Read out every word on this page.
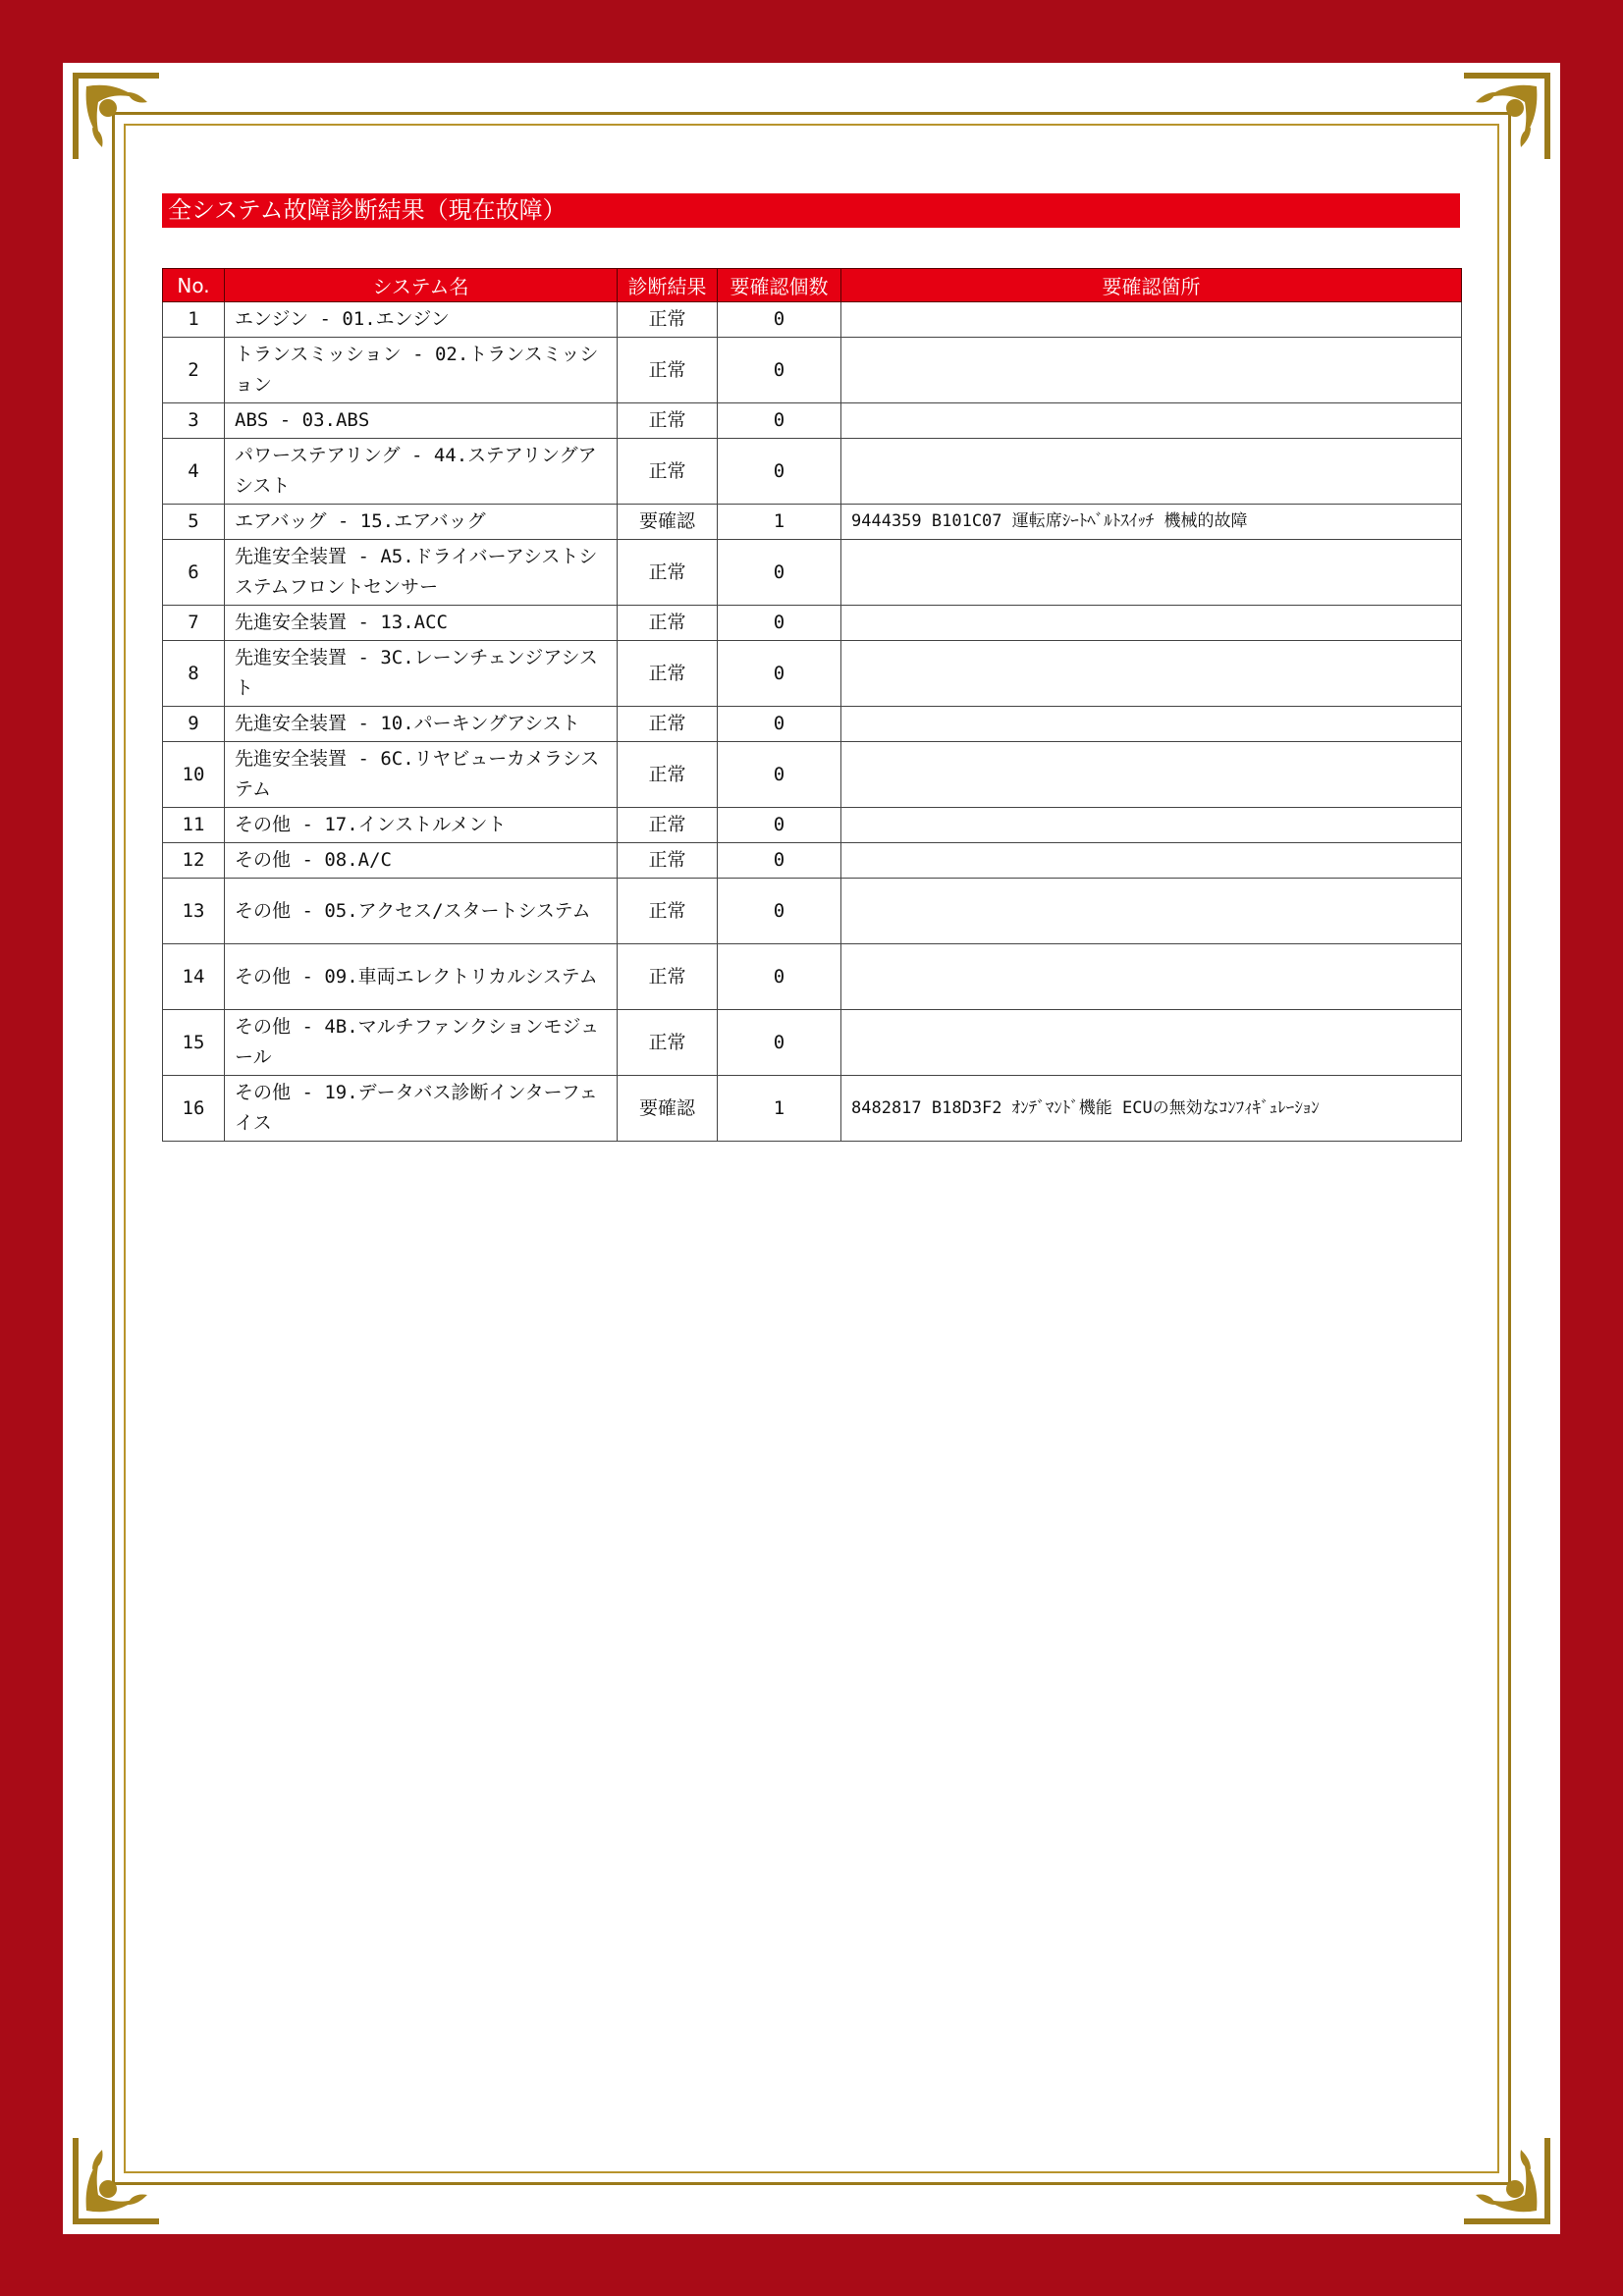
全システム故障診断結果（現在故障）
No.	システム名	診断結果	要確認個数	要確認箇所
1	エンジン - 01.エンジン	正常	0	
2	トランスミッション - 02.トランスミッション	正常	0	
3	ABS - 03.ABS	正常	0	
4	パワーステアリング - 44.ステアリングアシスト	正常	0	
5	エアバッグ - 15.エアバッグ	要確認	1	9444359 B101C07 運転席ｼｰﾄﾍﾞﾙﾄｽｲｯﾁ 機械的故障
6	先進安全装置 - A5.ドライバーアシストシステムフロントセンサー	正常	0	
7	先進安全装置 - 13.ACC	正常	0	
8	先進安全装置 - 3C.レーンチェンジアシスト	正常	0	
9	先進安全装置 - 10.パーキングアシスト	正常	0	
10	先進安全装置 - 6C.リヤビューカメラシステム	正常	0	
11	その他 - 17.インストルメント	正常	0	
12	その他 - 08.A/C	正常	0	
13	その他 - 05.アクセス/スタートシステム	正常	0	
14	その他 - 09.車両エレクトリカルシステム	正常	0	
15	その他 - 4B.マルチファンクションモジュール	正常	0	
16	その他 - 19.データバス診断インターフェイス	要確認	1	8482817 B18D3F2 ｵﾝﾃﾞﾏﾝﾄﾞ機能 ECUの無効なｺﾝﾌｨｷﾞｭﾚｰｼｮﾝ
